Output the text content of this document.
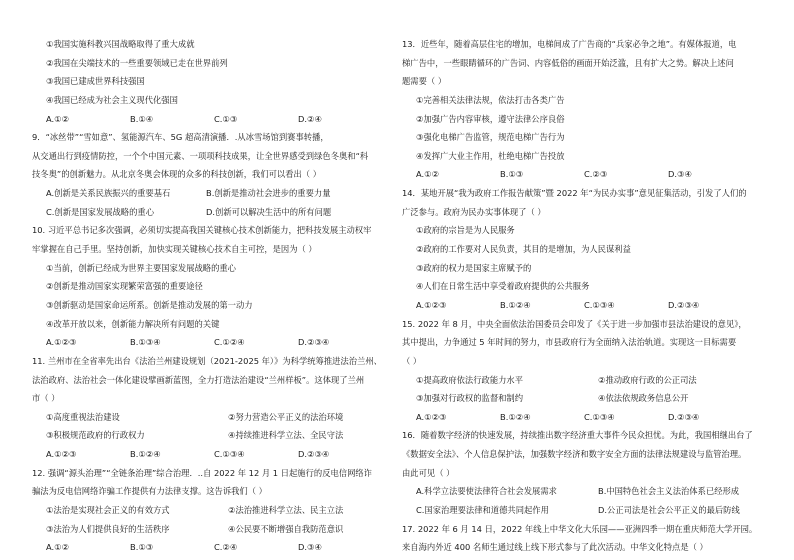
①我国实施科教兴国战略取得了重大成就
②我国在尖端技术的一些重要领域已走在世界前列
③我国已建成世界科技强国
④我国已经成为社会主义现代化强国
A.①②	B.①④	C.①③	D.②④
9．“冰丝带”“雪如意”、氢能源汽车、5G 超高清演播．.从冰雪场馆到赛事转播，
从交通出行到疫情防控，一个个中国元素、一项项科技成果，让全世界感受到绿色冬奥和“科
技冬奥”的创新魅力。从北京冬奥会体现的众多的科技创新，我们可以看出（ ）
A.创新是关系民族振兴的重要基石	B.创新是推动社会进步的重要力量
C.创新是国家发展战略的重心	D.创新可以解决生活中的所有问题
10. 习近平总书记多次强调，必须切实提高我国关键核心技术创新能力，把科技发展主动权牢
牢掌握在自己手里。坚持创新，加快实现关键核心技术自主可控，是因为（ ）
①当前，创新已经成为世界主要国家发展战略的重心
②创新是推动国家实现繁荣富强的重要途径
③创新驱动是国家命运所系。创新是推动发展的第一动力
④改革开放以来，创新能力解决所有问题的关键
A.①②③	B.①③④	C.①②④	D.②③④
11. 兰州市在全省率先出台《法治兰州建设规划（2021-2025 年）》为科学统筹推进法治兰州、
法治政府、法治社会一体化建设擘画新蓝图，全力打造法治建设“兰州样板”。这体现了兰州
市（ ）
①高度重视法治建设	②努力营造公平正义的法治环境
③积极规范政府的行政权力	④持续推进科学立法、全民守法
A.①②③	B.①②④	C.①③④	D.②③④
12. 强调“源头治理”“全链条治理”综合治理．..自 2022 年 12 月 1 日起施行的反电信网络诈
骗法为反电信网络诈骗工作提供有力法律支撑。这告诉我们（ ）
①法治是实现社会正义的有效方式	②法治推进科学立法、民主立法
③法治为人们提供良好的生活秩序	④公民要不断增强自我防范意识
A.①②	B.①③	C.②④	D.③④
13．近些年，随着高层住宅的增加，电梯间成了广告商的“兵家必争之地”。有媒体报道，电
梯广告中，一些眼睛循环的广告词、内容低俗的画面开始泛滥，且有扩大之势。解决上述问
题需要（ ）
①完善相关法律法规，依法打击各类广告
②加强广告内容审核，遵守法律公序良俗
③强化电梯广告监管，规范电梯广告行为
④发挥广大业主作用，杜绝电梯广告投放
A.①②	B.①③	C.②③	D.③④
14．某地开展“我为政府工作报告献策”暨 2022 年“为民办实事”意见征集活动，引发了人们的
广泛参与。政府为民办实事体现了（ ）
①政府的宗旨是为人民服务
②政府的工作要对人民负责，其目的是增加，为人民谋利益
③政府的权力是国家主席赋予的
④人们在日常生活中享受着政府提供的公共服务
A.①②③	B.①②④	C.①③④	D.②③④
15. 2022 年 8 月，中央全面依法治国委员会印发了《关于进一步加强市县法治建设的意见》，
其中提出，力争通过 5 年时间的努力，市县政府行为全面纳入法治轨道。实现这一目标需要
（ ）
①提高政府依法行政能力水平	②推动政府行政的公正司法
③加强对行政权的监督和制约	④依法依规政务信息公开
A.①②③	B.①②④	C.①③④	D.②③④
16．随着数字经济的快速发展，持续推出数字经济重大事件今民众担忧。为此，我国相继出台了
《数据安全法》、个人信息保护法，加强数字经济和数字安全方面的法律法规建设与监管治理。
由此可见（ ）
A.科学立法要使法律符合社会发展需求	B.中国特色社会主义法治体系已经形成
C.国家治理要法律和道德共同起作用	D.公正司法是社会公平正义的最后防线
17. 2022 年 6 月 14 日，2022 年线上中华文化大乐园——亚洲四季一期在重庆师范大学开园。
来自海内外近 400 名师生通过线上线下形式参与了此次活动。中华文化特点是（ ）
